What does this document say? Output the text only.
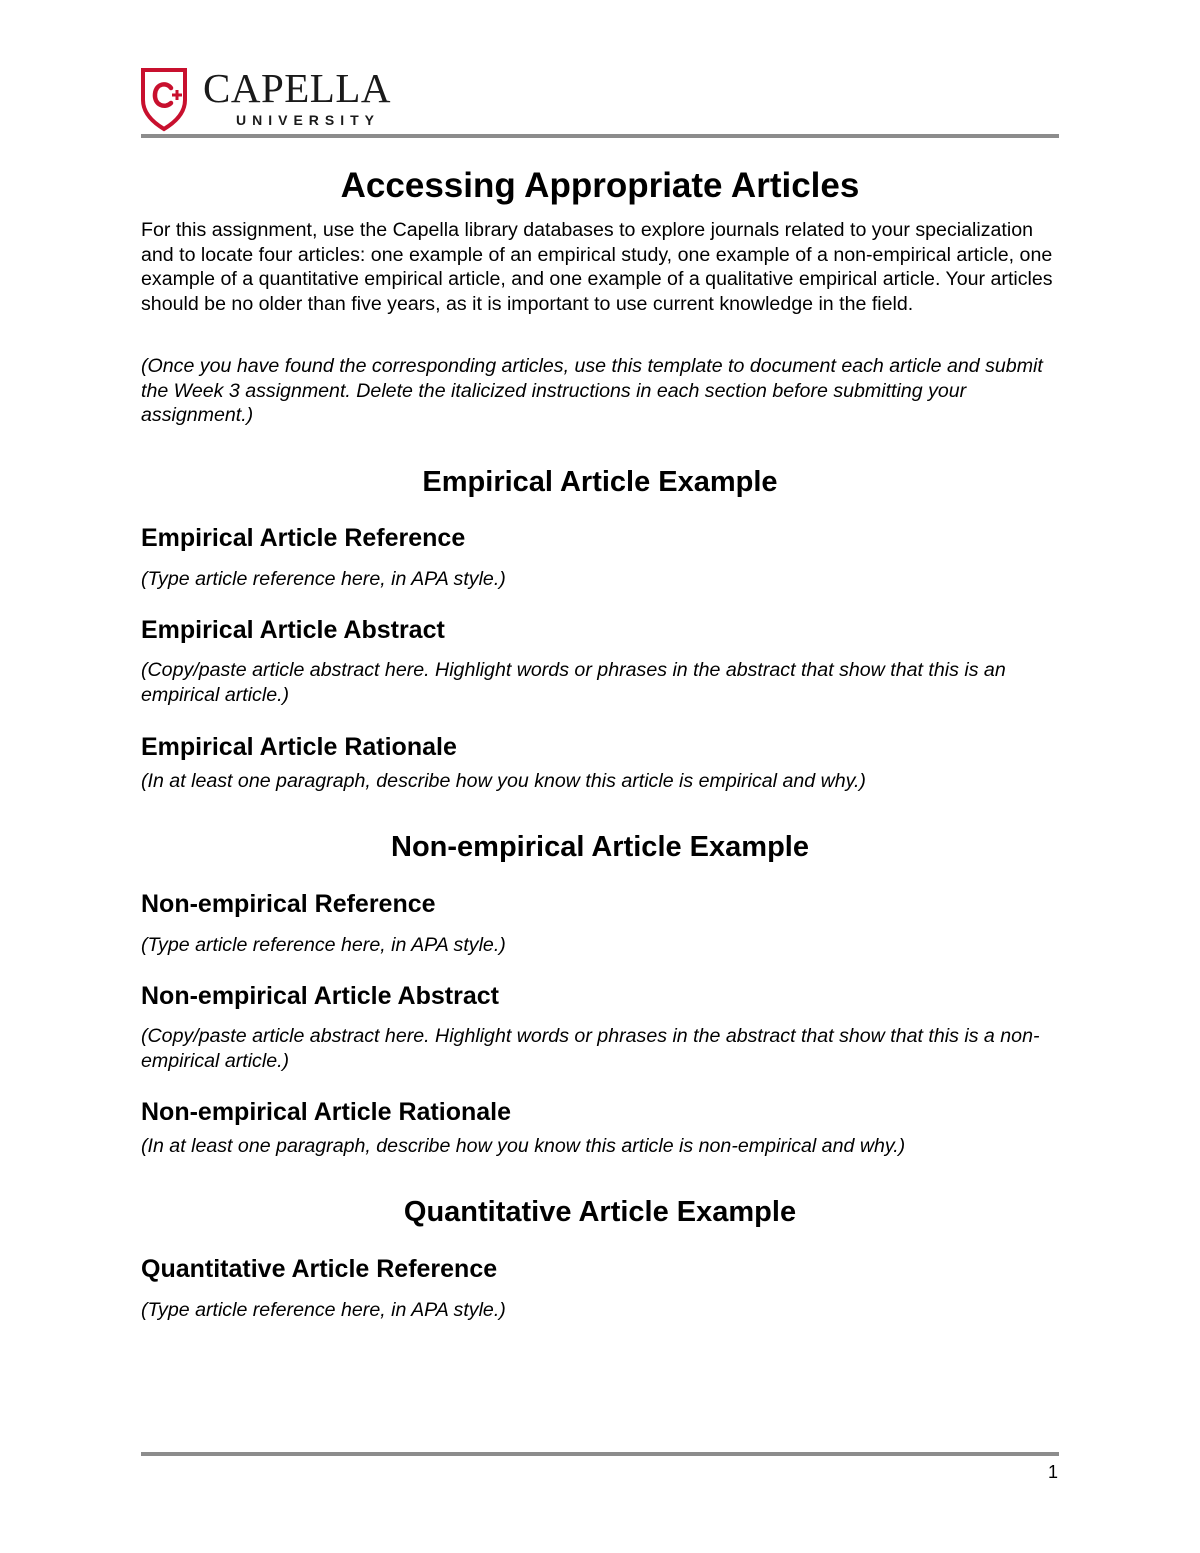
CAPELLA
UNIVERSITY
Accessing Appropriate Articles

For this assignment, use the Capella library databases to explore journals related to your specialization and to locate four articles: one example of an empirical study, one example of a non-empirical article, one example of a quantitative empirical article, and one example of a qualitative empirical article. Your articles should be no older than five years, as it is important to use current knowledge in the field.

(Once you have found the corresponding articles, use this template to document each article and submit the Week 3 assignment. Delete the italicized instructions in each section before submitting your assignment.)

Empirical Article Example
Empirical Article Reference

(Type article reference here, in APA style.)

Empirical Article Abstract

(Copy/paste article abstract here. Highlight words or phrases in the abstract that show that this is an empirical article.)

Empirical Article Rationale

(In at least one paragraph, describe how you know this article is empirical and why.)

Non-empirical Article Example
Non-empirical Reference

(Type article reference here, in APA style.)

Non-empirical Article Abstract

(Copy/paste article abstract here. Highlight words or phrases in the abstract that show that this is a non-empirical article.)

Non-empirical Article Rationale

(In at least one paragraph, describe how you know this article is non-empirical and why.)

Quantitative Article Example
Quantitative Article Reference

(Type article reference here, in APA style.)

1
